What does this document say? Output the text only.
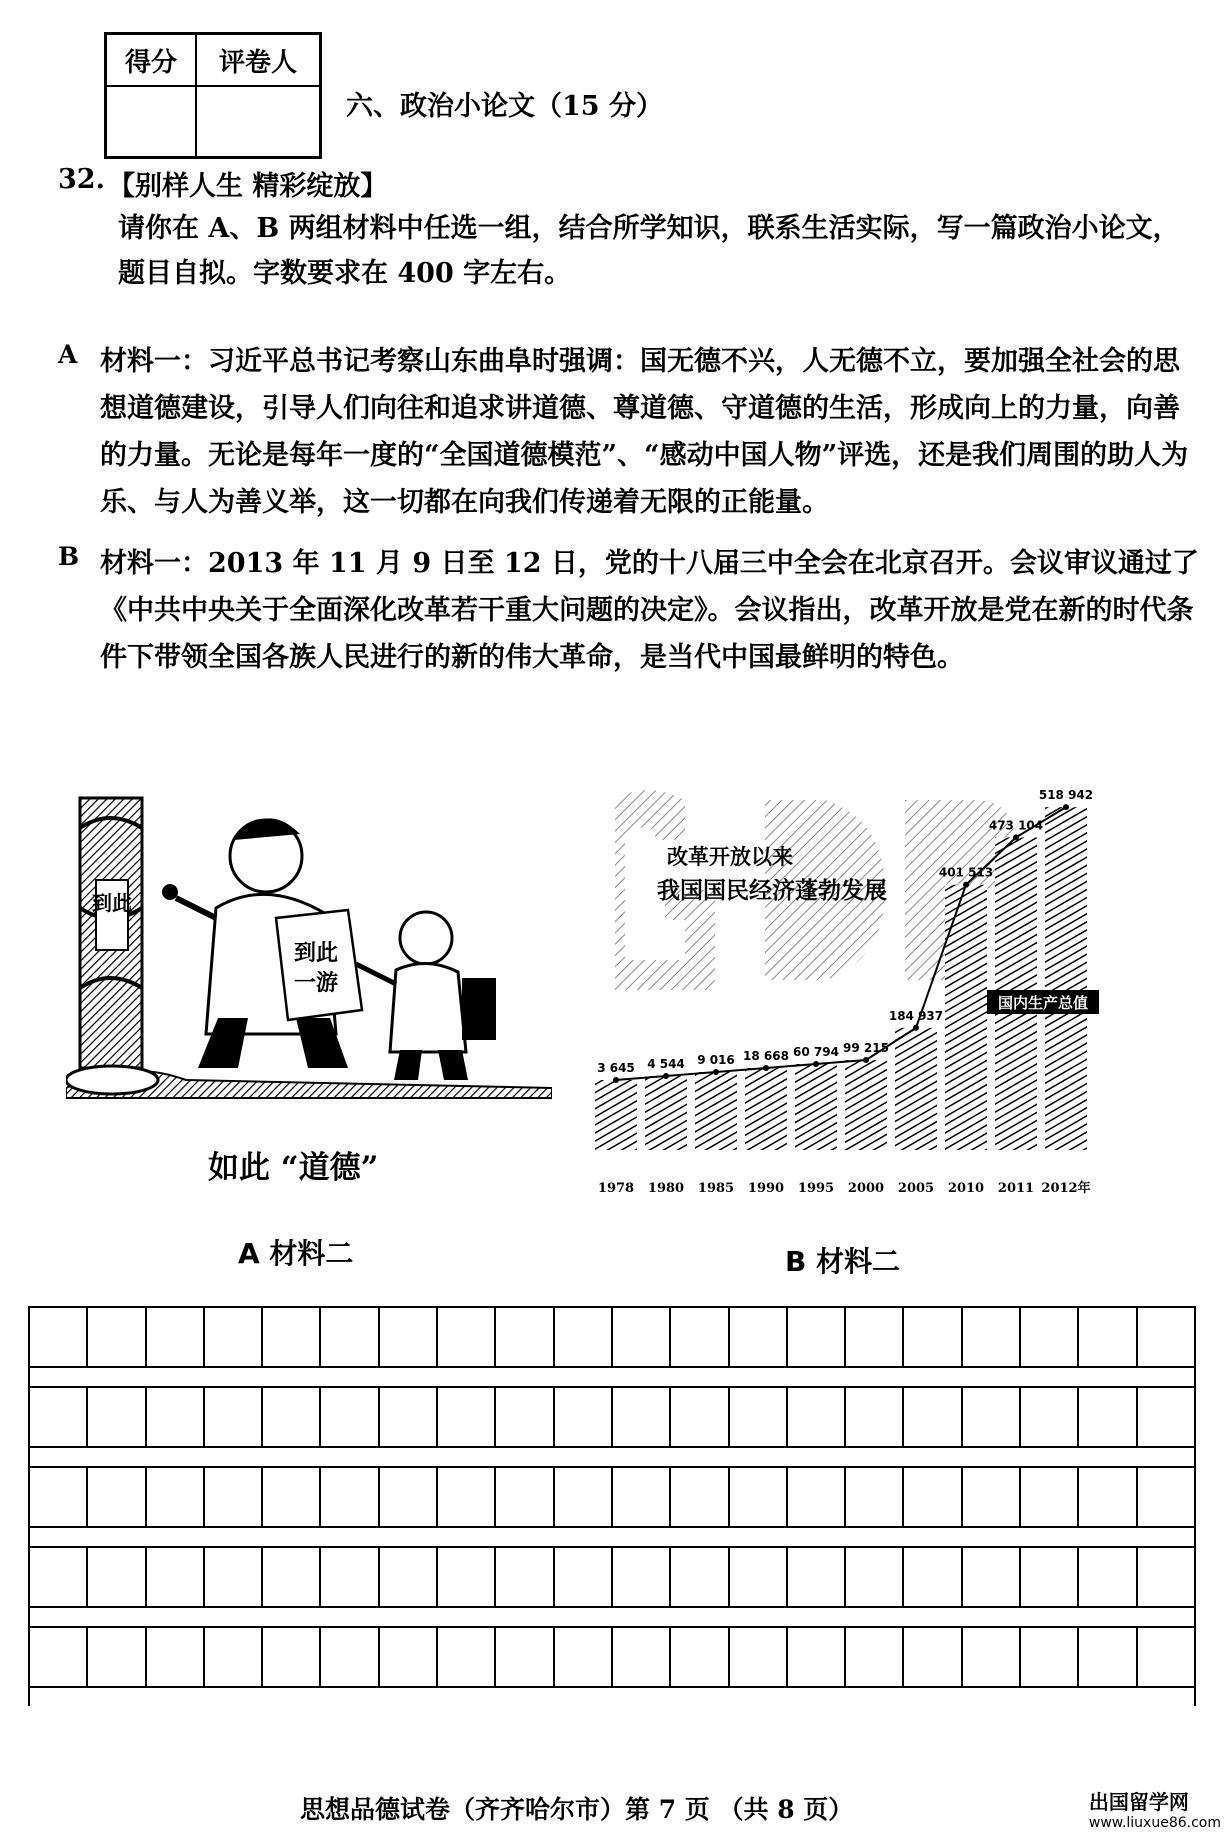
得分	评卷人
六、政治小论文（15 分）
32. 【别样人生 精彩绽放】
请你在 A、B 两组材料中任选一组，结合所学知识，联系生活实际，写一篇政治小论文，题目自拟。字数要求在 400 字左右。
A 材料一：习近平总书记考察山东曲阜时强调：国无德不兴，人无德不立，要加强全社会的思想道德建设，引导人们向往和追求讲道德、尊道德、守道德的生活，形成向上的力量，向善的力量。无论是每年一度的“全国道德模范”、“感动中国人物”评选，还是我们周围的助人为乐、与人为善义举，这一切都在向我们传递着无限的正能量。
B 材料一：2013 年 11 月 9 日至 12 日，党的十八届三中全会在北京召开。会议审议通过了《中共中央关于全面深化改革若干重大问题的决定》。会议指出，改革开放是党在新的时代条件下带领全国各族人民进行的新的伟大革命，是当代中国最鲜明的特色。
到此
到此一游
如此 “道德”
A 材料二
改革开放以来
我国国民经济蓬勃发展
3 645 4 544 9 016 18 668 60 794 99 215
184 937
401 513
473 104
518 942
1978 1980 1985 1990 1995 2000 2005 2010 2011 2012年
国内生产总值
B 材料二
思想品德试卷（齐齐哈尔市）第 7 页 （共 8 页）	出国留学网
www.liuxue86.com
